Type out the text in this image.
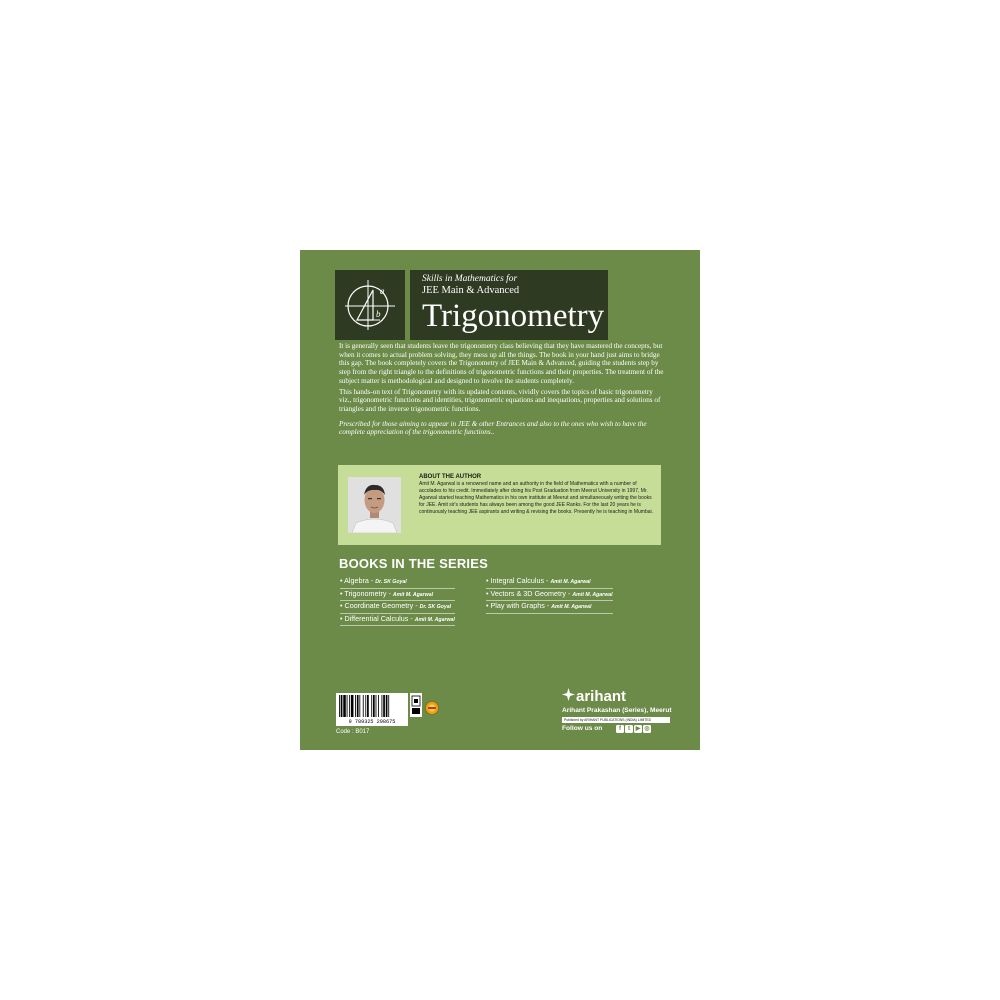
a
b
Skills in Mathematics for
JEE Main & Advanced
Trigonometry

It is generally seen that students leave the trigonometry class believing that they have mastered the concepts, but when it comes to actual problem solving, they mess up all the things. The book in your hand just aims to bridge this gap. The book completely covers the Trigonometry of JEE Main & Advanced, guiding the students step by step from the right triangle to the definitions of trigonometric functions and their properties. The treatment of the subject matter is methodological and designed to involve the students completely.

This hands-on text of Trigonometry with its updated contents, vividly covers the topics of basic trigonometry viz., trigonometric functions and identities, trigonometric equations and inequations, properties and solutions of triangles and the inverse trigonometric functions.

Prescribed for those aiming to appear in JEE & other Entrances and also to the ones who wish to have the complete appreciation of the trigonometric functions..

ABOUT THE AUTHOR

Amit M. Agarwal is a renowned name and an authority in the field of Mathematics with a number of accolades to his credit. Immediately after doing his Post Graduation from Meerut University in 1997, Mr. Agarwal started teaching Mathematics in his own institute at Meerut and simultaneously writing the books for JEE. Amit sir's students has always been among the good JEE Ranks. For the last 20 years he is continuously teaching JEE aspirants and writing & revising the books. Presently he is teaching in Mumbai.

BOOKS IN THE SERIES
• Algebra - Dr. SK Goyal
• Trigonometry - Amit M. Agarwal
• Coordinate Geometry - Dr. SK Goyal
• Differential Calculus - Amit M. Agarwal
• Integral Calculus - Amit M. Agarwal
• Vectors & 3D Geometry - Amit M. Agarwal
• Play with Graphs - Amit M. Agarwal
9 789325 298675
Code : B017
arihant
Arihant Prakashan (Series), Meerut
Published by ARIHANT PUBLICATIONS (INDIA) LIMITED
Follow us on	f	t ▶ ◎
